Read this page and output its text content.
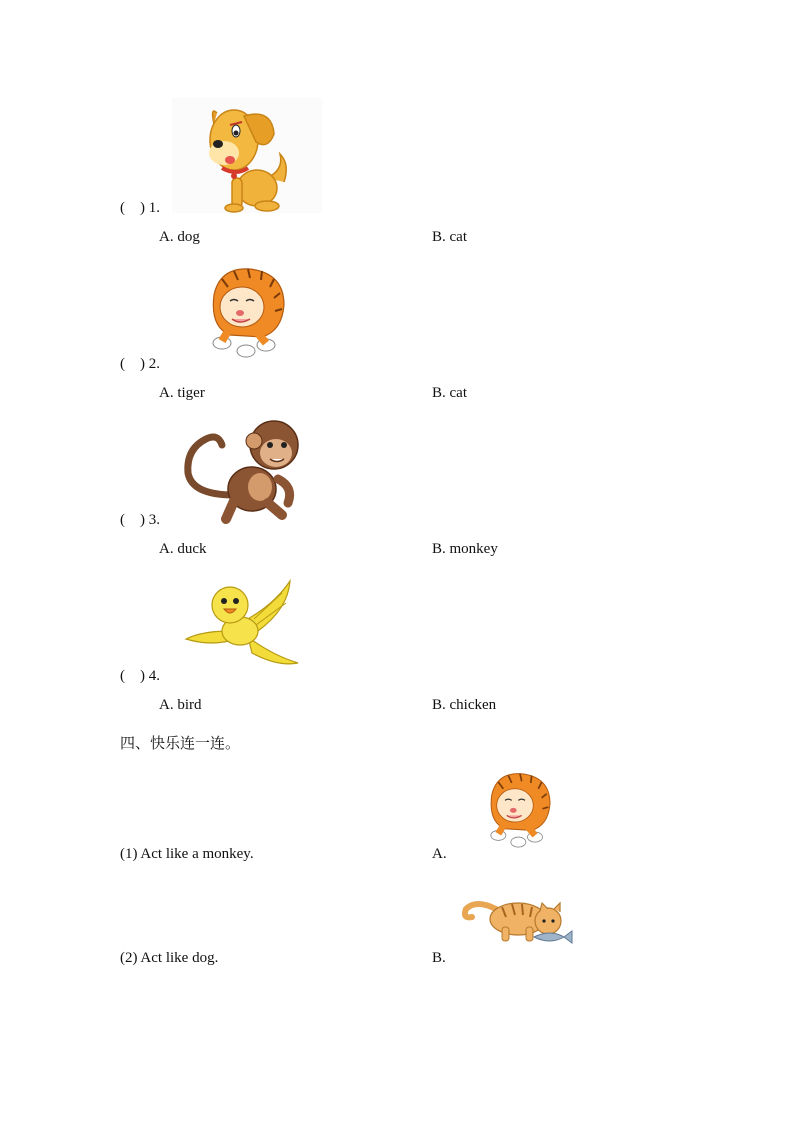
(    ) 1.
A. dog	B. cat
(    ) 2.
A. tiger	B. cat
(    ) 3.
A. duck	B. monkey
(    ) 4.
A. bird	B. chicken
四、快乐连一连。
(1) Act like a monkey.	A.
(2) Act like dog.	B.
